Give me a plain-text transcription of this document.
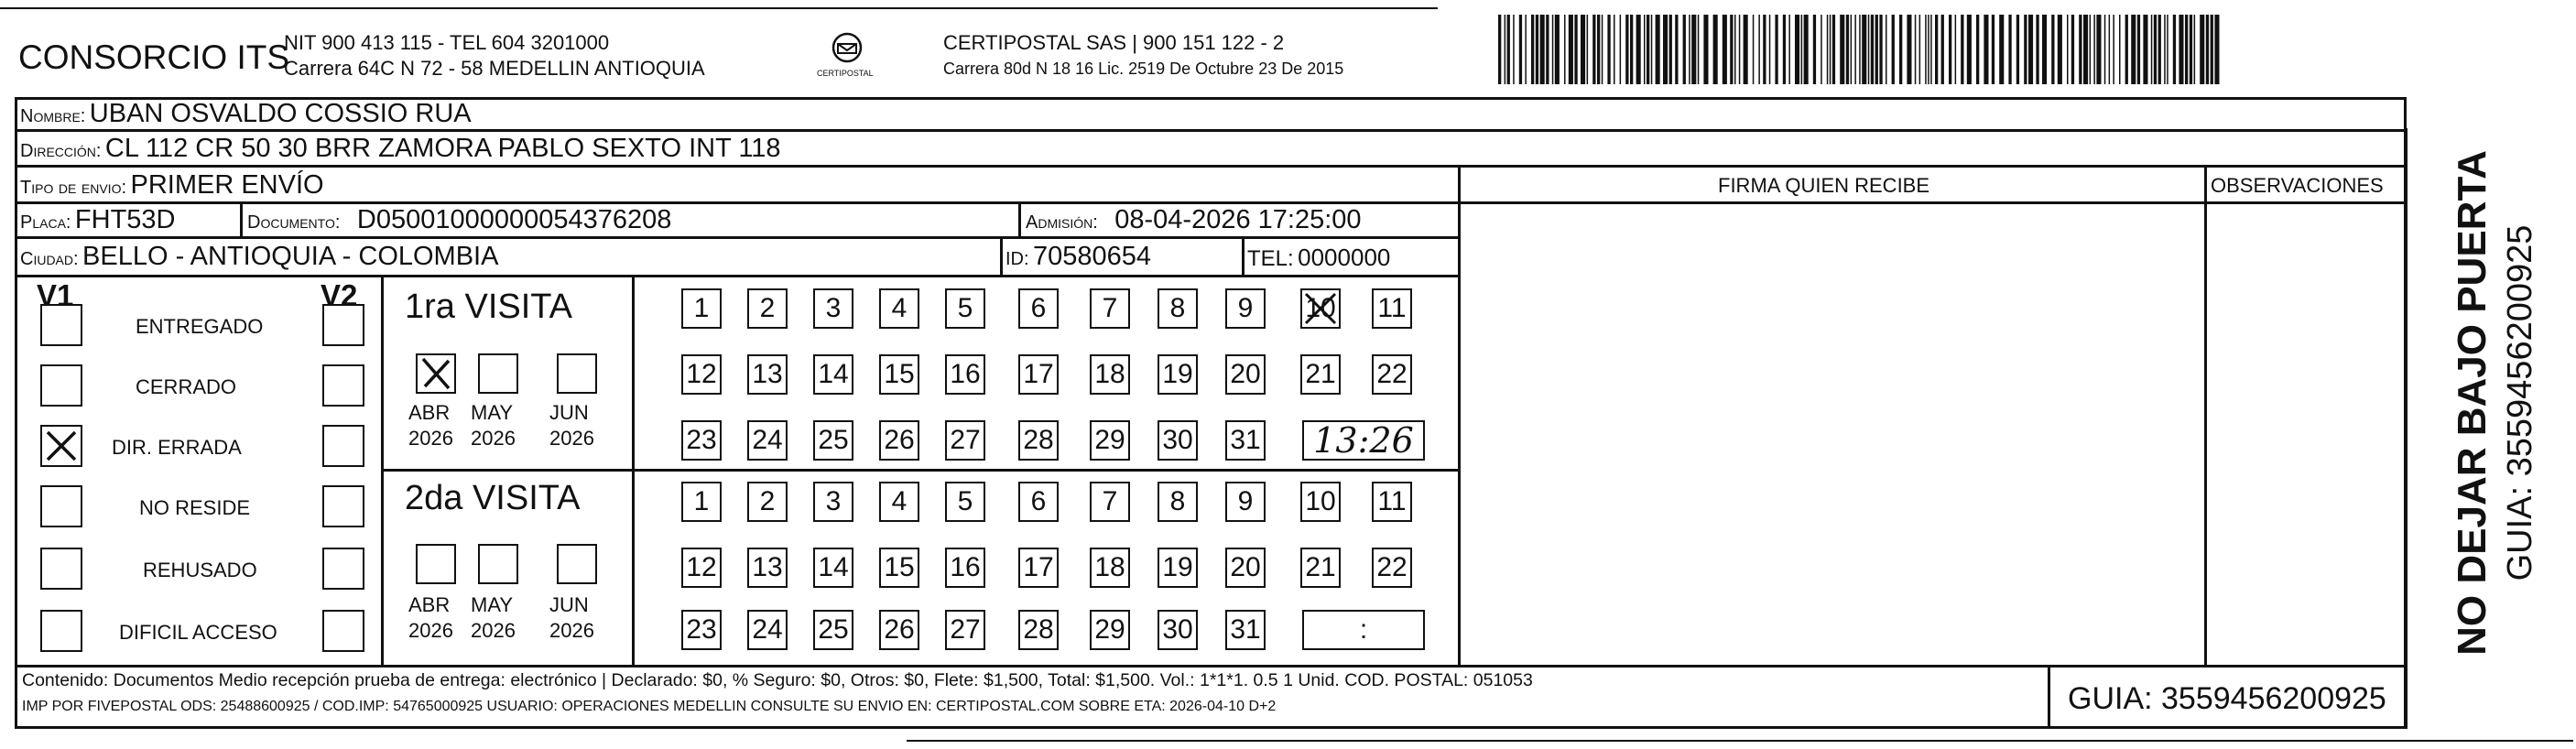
CONSORCIO ITS
NIT 900 413 115 - TEL 604 3201000
Carrera 64C N 72 - 58 MEDELLIN ANTIOQUIA	CERTIPOSTAL
CERTIPOSTAL SAS | 900 151 122 - 2
Carrera 80d N 18 16 Lic. 2519 De Octubre 23 De 2015
Nombre: UBAN OSVALDO COSSIO RUA
Dirección: CL 112 CR 50 30 BRR ZAMORA PABLO SEXTO INT 118
Tipo de envio: PRIMER ENVÍO
Placa: FHT53D	Documento: D05001000000054376208	Admisión: 08-04-2026 17:25:00
Ciudad: BELLO - ANTIOQUIA - COLOMBIA	ID: 70580654	TEL: 0000000
FIRMA QUIEN RECIBE	OBSERVACIONES
V1	V2
ENTREGADO
CERRADO
DIR. ERRADA
NO RESIDE
REHUSADO
DIFICIL ACCESO
1ra VISITA
2da VISITA
ABR
2026
MAY
2026
JUN
2026
ABR
2026
MAY
2026
JUN
2026
1 2 3 4 5 6 7 8 9 10 11
12 13 14 15 16 17 18 19 20 21 22
23 24 25 26 27 28 29 30 31 13:26
1 2 3 4 5 6 7 8 9 10 11
12 13 14 15 16 17 18 19 20 21 22
23 24 25 26 27 28 29 30 31	:
Contenido: Documentos Medio recepción prueba de entrega: electrónico | Declarado: $0, % Seguro: $0, Otros: $0, Flete: $1,500, Total: $1,500. Vol.: 1*1*1. 0.5 1 Unid. COD. POSTAL: 051053
IMP POR FIVEPOSTAL ODS: 25488600925 / COD.IMP: 54765000925 USUARIO: OPERACIONES MEDELLIN CONSULTE SU ENVIO EN: CERTIPOSTAL.COM SOBRE ETA: 2026-04-10 D+2	GUIA: 3559456200925
NO DEJAR BAJO PUERTA GUIA: 3559456200925
